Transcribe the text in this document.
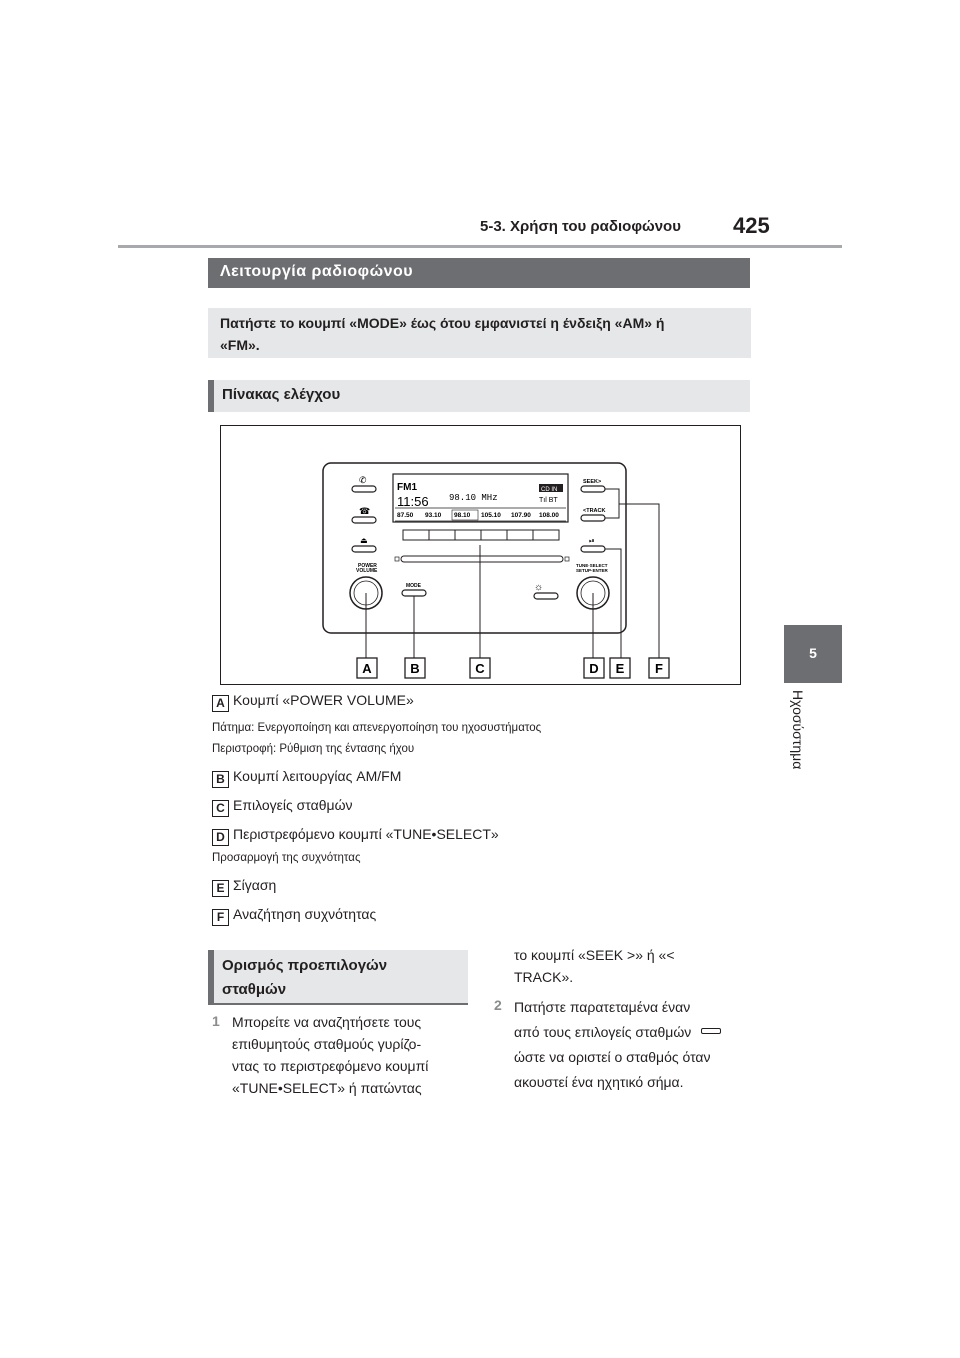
5-3. Χρήση του ραδιοφώνου 425
5
Ηχοσύστημα
Λειτουργία ραδιοφώνου
Πατήστε το κουμπί «MODE» έως ότου εμφανιστεί η ένδειξη «AM» ή
«FM».
Πίνακας ελέγχου
FM1
11:56 98.10 MHz
CD IN
Tıl BT
87.50 93.10 98.10 105.10 107.90 108.00
✆
☎
⏏
POWER
VOLUME
MODE	☼
SEEK>
<TRACK
⏯
TUNE·SELECT
SETUP·ENTER
A	B	C	D E F
A Κουμπί «POWER VOLUME»
Πάτημα: Ενεργοποίηση και απενεργοποίηση του ηχοσυστήματος
Περιστροφή: Ρύθμιση της έντασης ήχου
B Κουμπί λειτουργίας AM/FM
C Επιλογείς σταθμών
D Περιστρεφόμενο κουμπί «TUNE•SELECT»
Προσαρμογή της συχνότητας
E Σίγαση
F Αναζήτηση συχνότητας
Ορισμός προεπιλογών
σταθμών
1 Μπορείτε να αναζητήσετε τους
επιθυμητούς σταθμούς γυρίζο-
ντας το περιστρεφόμενο κουμπί
«TUNE•SELECT» ή πατώντας
το κουμπί «SEEK >» ή «<
TRACK».
2 Πατήστε παρατεταμένα έναν
από τους επιλογείς σταθμών
ώστε να οριστεί ο σταθμός όταν
ακουστεί ένα ηχητικό σήμα.
